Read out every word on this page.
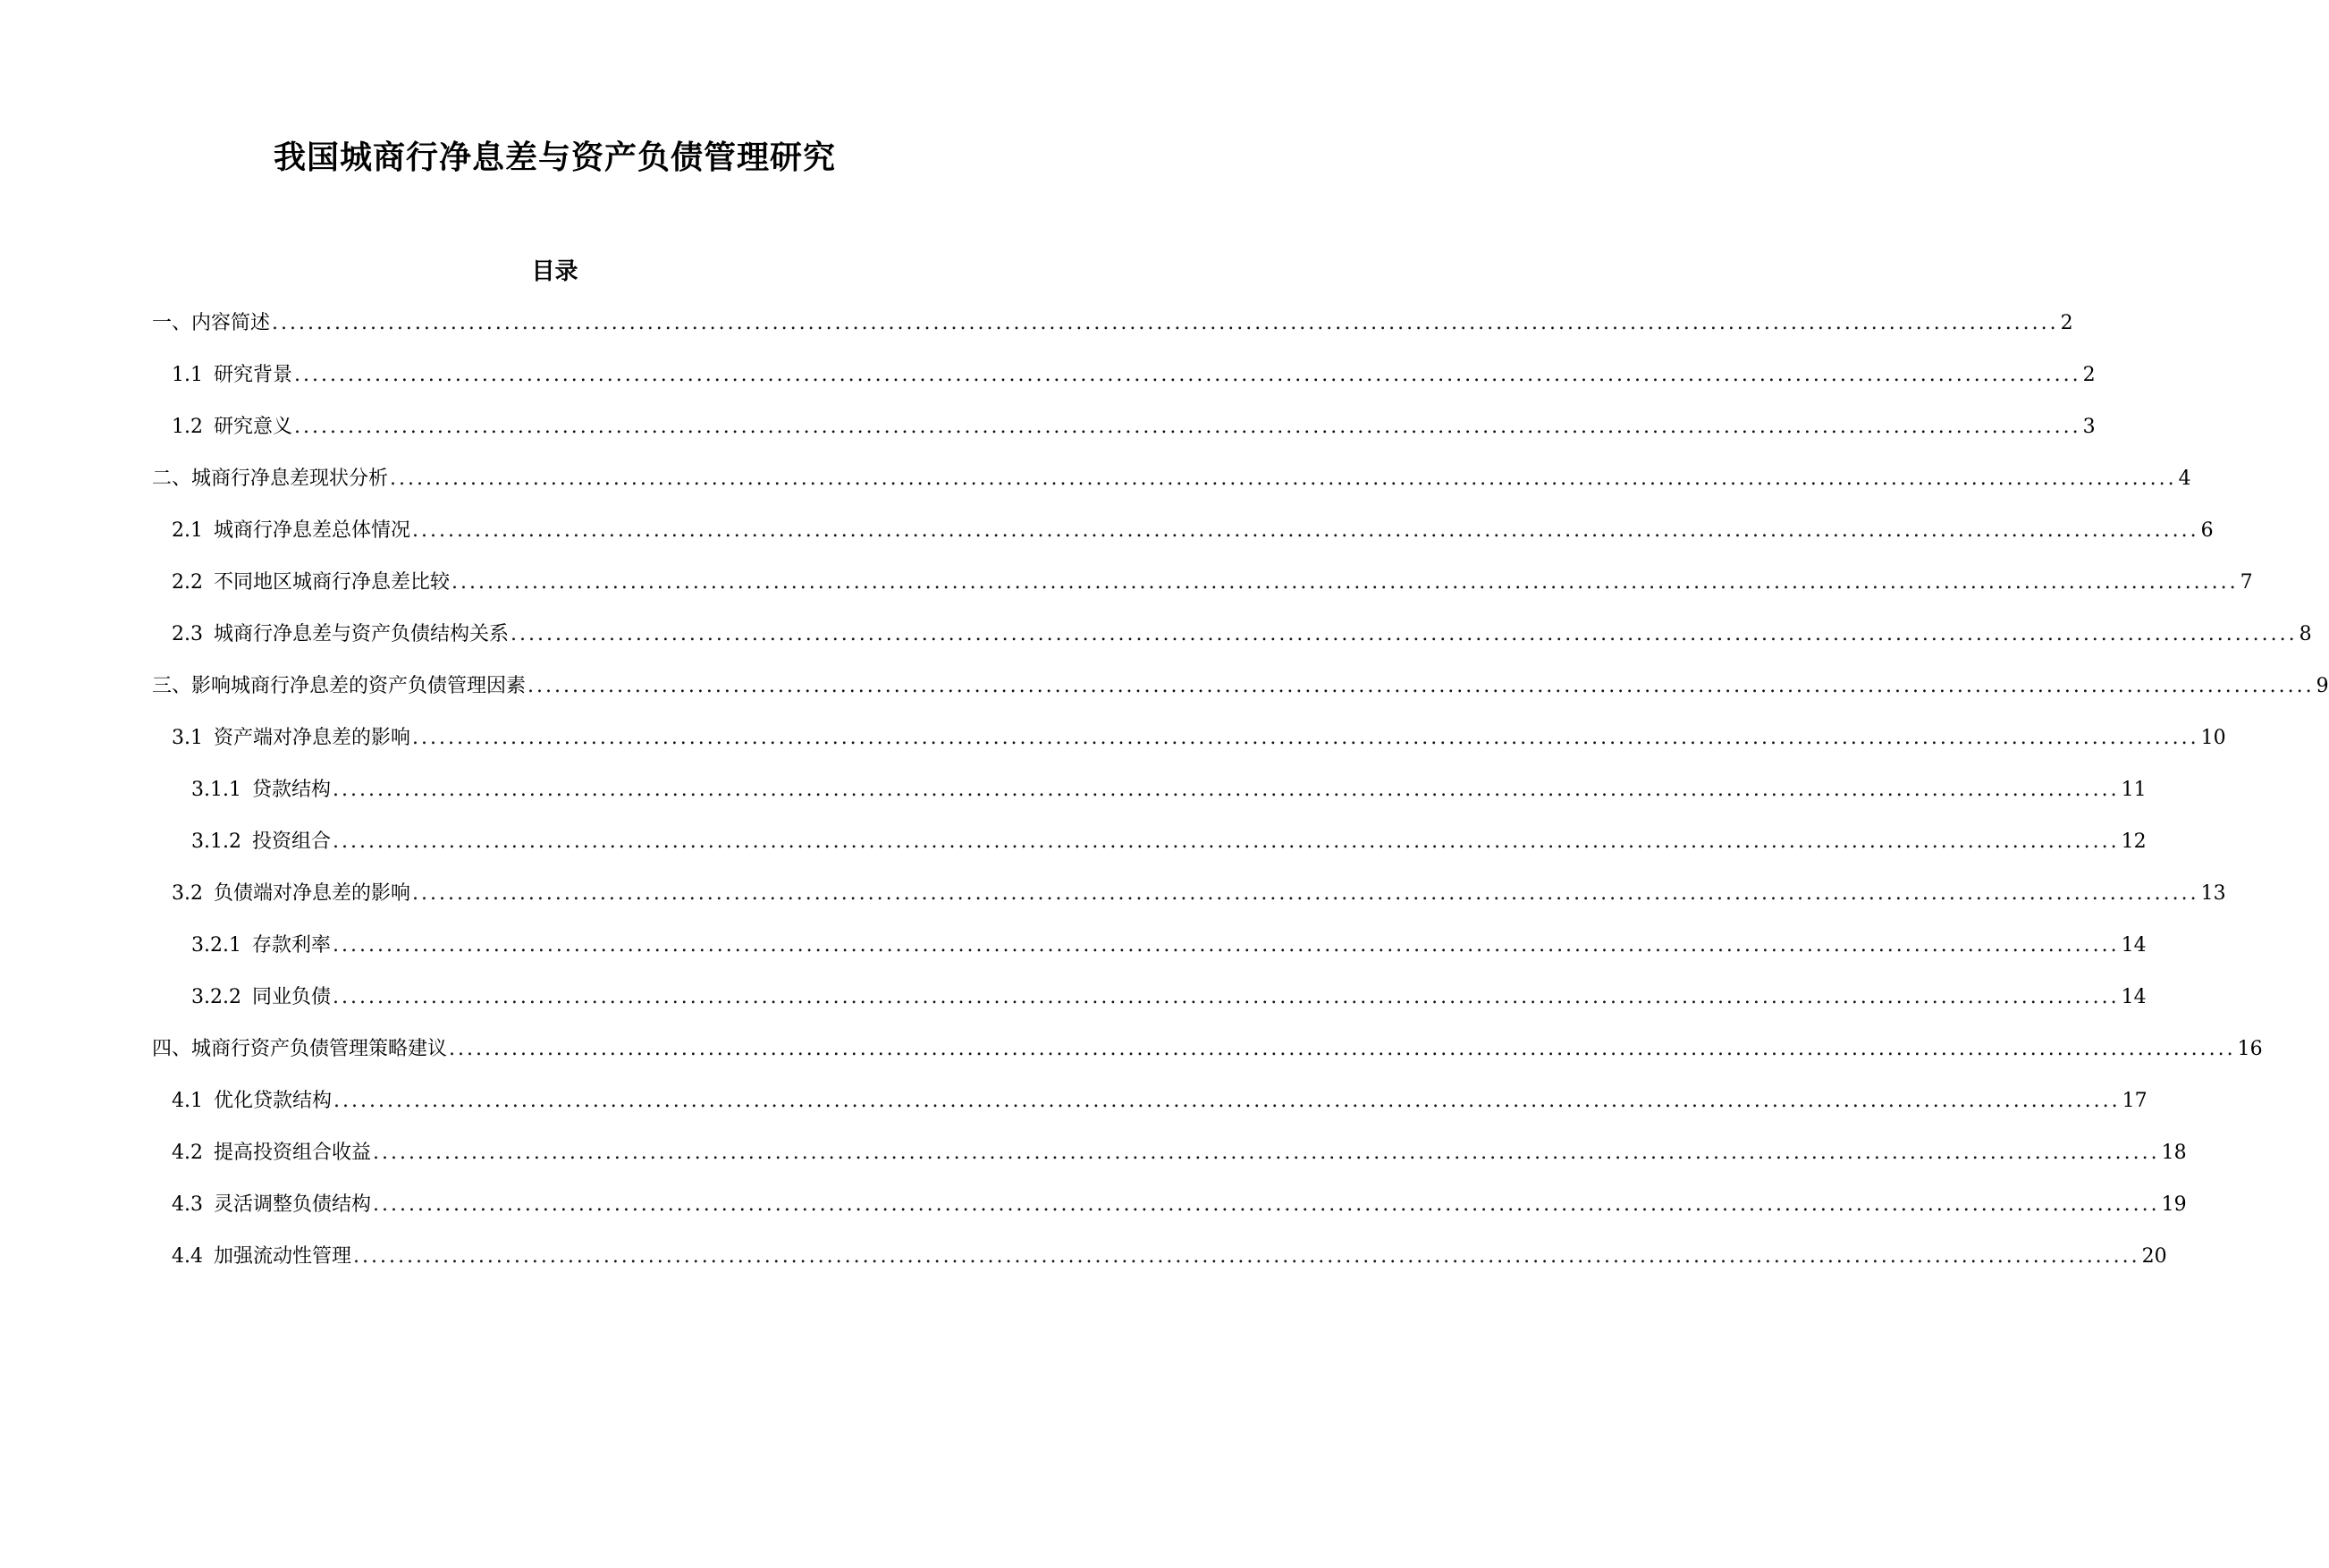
我国城商行净息差与资产负债管理研究
目录
一、内容简述 ........................................................................................................................................................................................................ 2
1.1 研究背景 ........................................................................................................................................................................................................ 2
1.2 研究意义 ........................................................................................................................................................................................................ 3
二、城商行净息差现状分析 ........................................................................................................................................................................................................ 4
2.1 城商行净息差总体情况 ........................................................................................................................................................................................................ 6
2.2 不同地区城商行净息差比较 ........................................................................................................................................................................................................ 7
2.3 城商行净息差与资产负债结构关系 ........................................................................................................................................................................................................ 8
三、影响城商行净息差的资产负债管理因素 ........................................................................................................................................................................................................ 9
3.1 资产端对净息差的影响 ........................................................................................................................................................................................................ 10
3.1.1 贷款结构 ........................................................................................................................................................................................................ 11
3.1.2 投资组合 ........................................................................................................................................................................................................ 12
3.2 负债端对净息差的影响 ........................................................................................................................................................................................................ 13
3.2.1 存款利率 ........................................................................................................................................................................................................ 14
3.2.2 同业负债 ........................................................................................................................................................................................................ 14
四、城商行资产负债管理策略建议 ........................................................................................................................................................................................................ 16
4.1 优化贷款结构 ........................................................................................................................................................................................................ 17
4.2 提高投资组合收益 ........................................................................................................................................................................................................ 18
4.3 灵活调整负债结构 ........................................................................................................................................................................................................ 19
4.4 加强流动性管理 ........................................................................................................................................................................................................ 20
